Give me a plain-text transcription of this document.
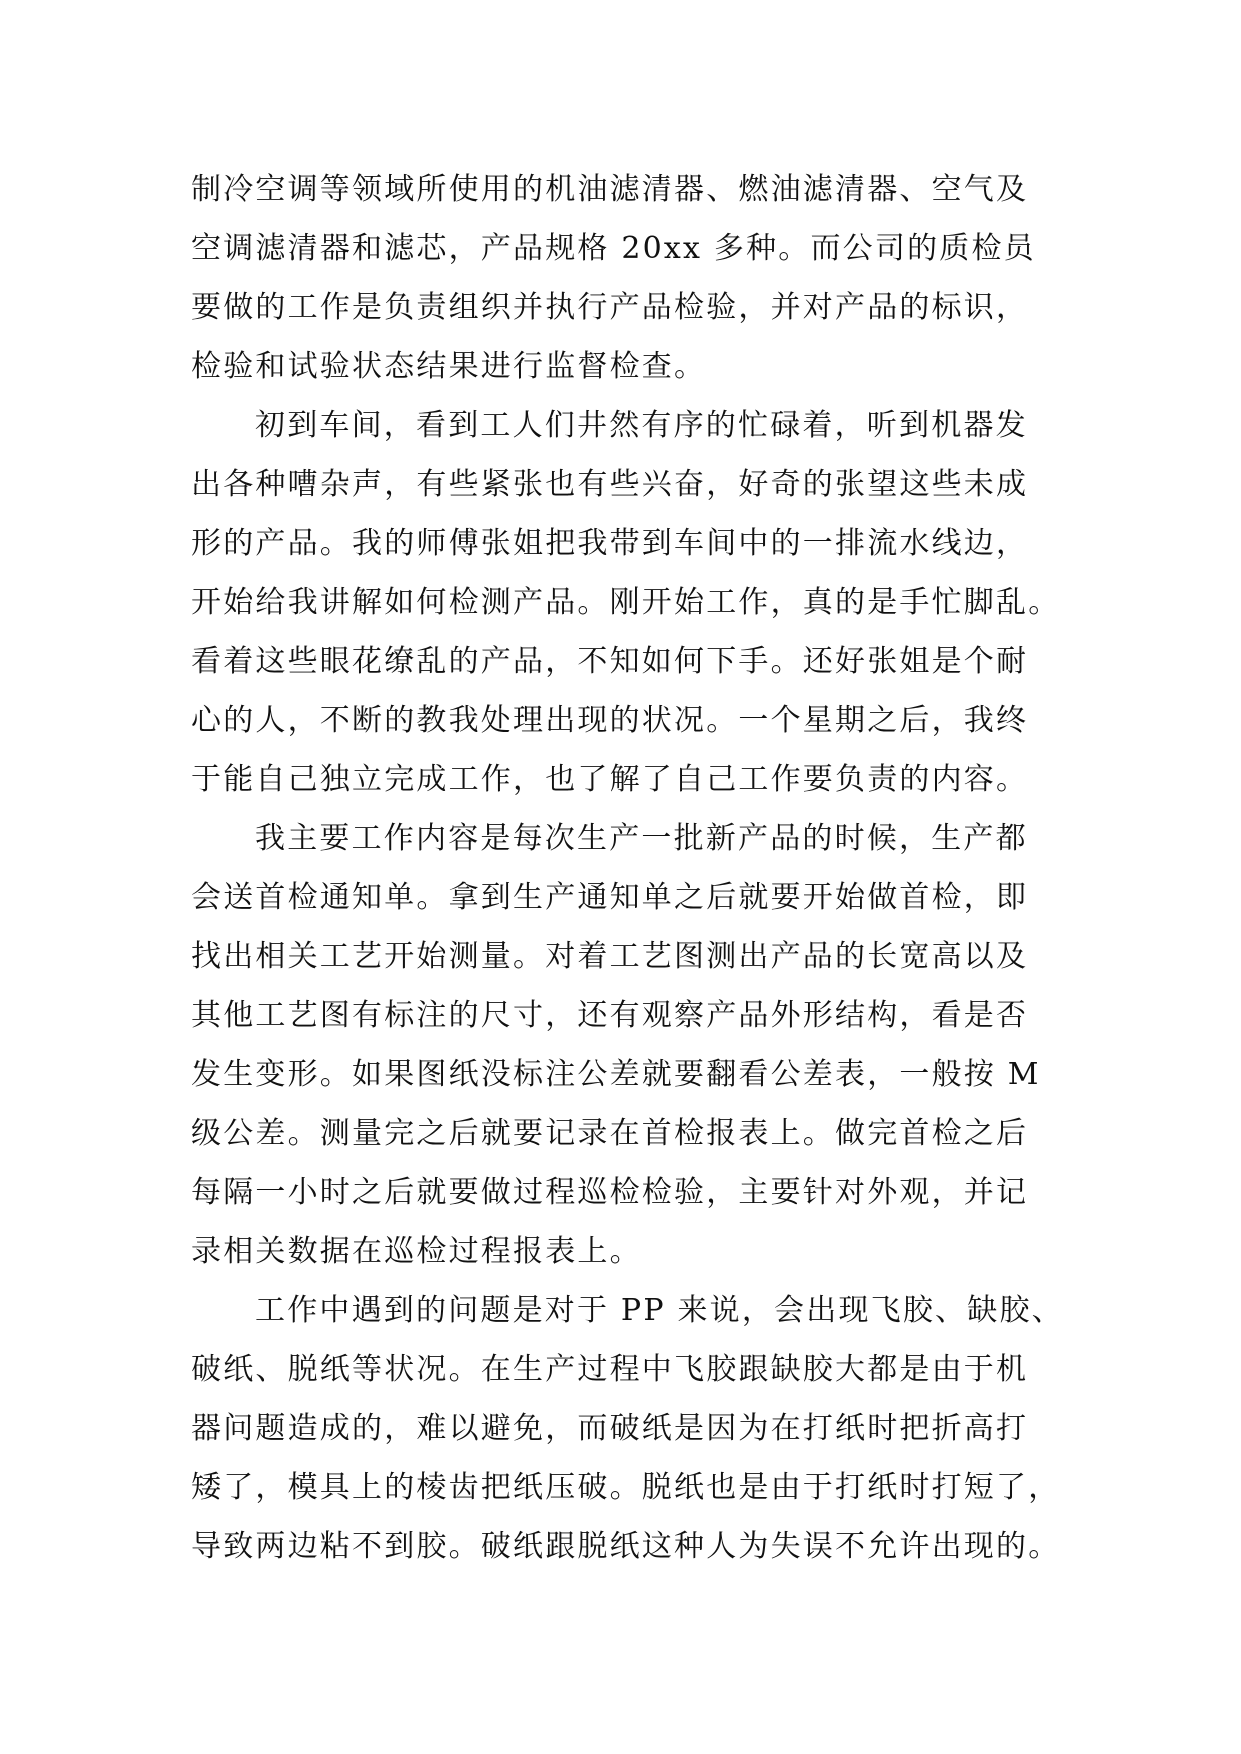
制冷空调等领域所使用的机油滤清器、燃油滤清器、空气及
空调滤清器和滤芯，产品规格 20xx 多种。而公司的质检员
要做的工作是负责组织并执行产品检验，并对产品的标识，
检验和试验状态结果进行监督检查。
初到车间，看到工人们井然有序的忙碌着，听到机器发
出各种嘈杂声，有些紧张也有些兴奋，好奇的张望这些未成
形的产品。我的师傅张姐把我带到车间中的一排流水线边，
开始给我讲解如何检测产品。刚开始工作，真的是手忙脚乱。
看着这些眼花缭乱的产品，不知如何下手。还好张姐是个耐
心的人，不断的教我处理出现的状况。一个星期之后，我终
于能自己独立完成工作，也了解了自己工作要负责的内容。
我主要工作内容是每次生产一批新产品的时候，生产都
会送首检通知单。拿到生产通知单之后就要开始做首检，即
找出相关工艺开始测量。对着工艺图测出产品的长宽高以及
其他工艺图有标注的尺寸，还有观察产品外形结构，看是否
发生变形。如果图纸没标注公差就要翻看公差表，一般按 M
级公差。测量完之后就要记录在首检报表上。做完首检之后
每隔一小时之后就要做过程巡检检验，主要针对外观，并记
录相关数据在巡检过程报表上。
工作中遇到的问题是对于 PP 来说，会出现飞胶、缺胶、
破纸、脱纸等状况。在生产过程中飞胶跟缺胶大都是由于机
器问题造成的，难以避免，而破纸是因为在打纸时把折高打
矮了，模具上的棱齿把纸压破。脱纸也是由于打纸时打短了，
导致两边粘不到胶。破纸跟脱纸这种人为失误不允许出现的。
